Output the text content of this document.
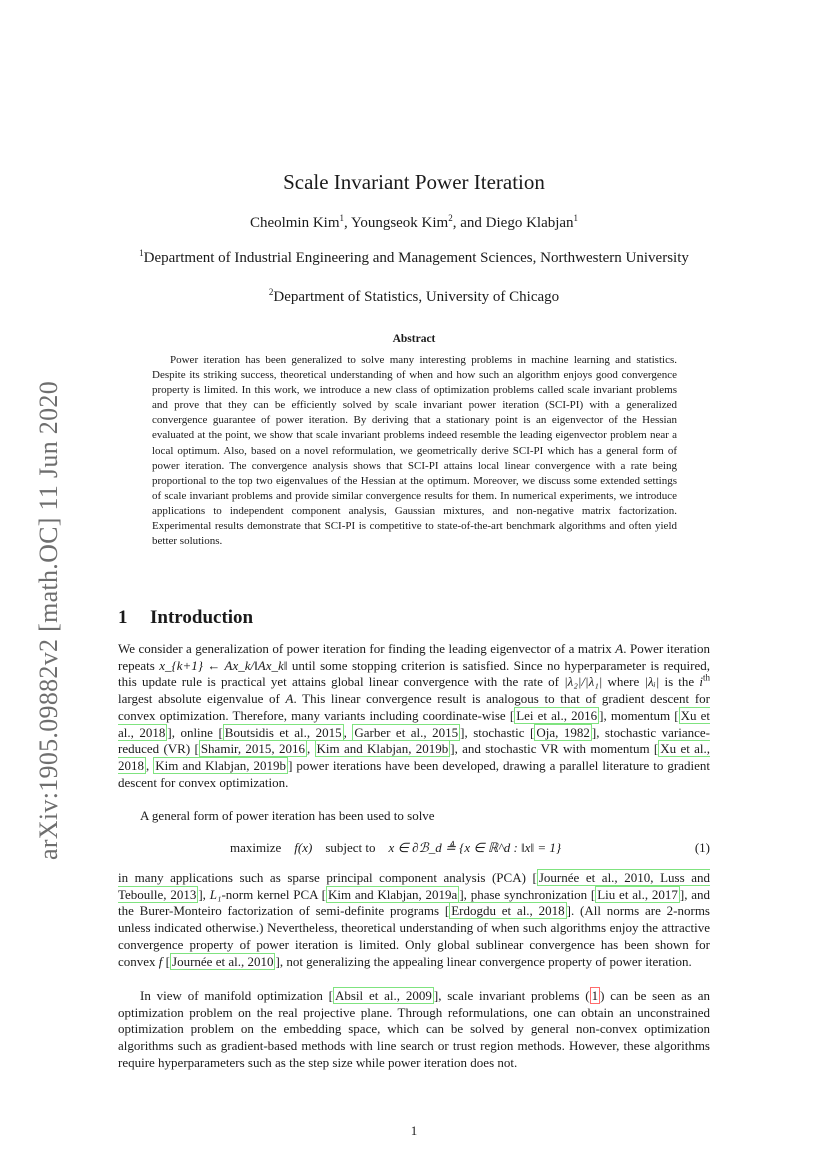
arXiv:1905.09882v2 [math.OC] 11 Jun 2020
Scale Invariant Power Iteration
Cheolmin Kim$^1$, Youngseok Kim$^2$, and Diego Klabjan$^1$
$^1$Department of Industrial Engineering and Management Sciences, Northwestern University
$^2$Department of Statistics, University of Chicago
Abstract
Power iteration has been generalized to solve many interesting problems in machine learning and statistics. Despite its striking success, theoretical understanding of when and how such an algorithm enjoys good convergence property is limited. In this work, we introduce a new class of optimization problems called scale invariant problems and prove that they can be efficiently solved by scale invariant power iteration (SCI-PI) with a generalized convergence guarantee of power iteration. By deriving that a stationary point is an eigenvector of the Hessian evaluated at the point, we show that scale invariant problems indeed resemble the leading eigenvector problem near a local optimum. Also, based on a novel reformulation, we geometrically derive SCI-PI which has a general form of power iteration. The convergence analysis shows that SCI-PI attains local linear convergence with a rate being proportional to the top two eigenvalues of the Hessian at the optimum. Moreover, we discuss some extended settings of scale invariant problems and provide similar convergence results for them. In numerical experiments, we introduce applications to independent component analysis, Gaussian mixtures, and non-negative matrix factorization. Experimental results demonstrate that SCI-PI is competitive to state-of-the-art benchmark algorithms and often yield better solutions.
1 Introduction
We consider a generalization of power iteration for finding the leading eigenvector of a matrix A. Power iteration repeats x_{k+1} ← Ax_k/‖Ax_k‖ until some stopping criterion is satisfied. Since no hyperparameter is required, this update rule is practical yet attains global linear convergence with the rate of |λ₂|/|λ₁| where |λᵢ| is the $i^{th}$ largest absolute eigenvalue of A. This linear convergence result is analogous to that of gradient descent for convex optimization. Therefore, many variants including coordinate-wise [ Lei et al., 2016 ], momentum [ Xu et al., 2018 ], online [ Boutsidis et al., 2015 , Garber et al., 2015 ], stochastic [ Oja, 1982 ], stochastic variance-reduced (VR) [ Shamir, 2015, 2016 , Kim and Klabjan, 2019b ], and stochastic VR with momentum [ Xu et al., 2018 , Kim and Klabjan, 2019b ] power iterations have been developed, drawing a parallel literature to gradient descent for convex optimization.
A general form of power iteration has been used to solve
maximize f(x) subject to x ∈ ∂ℬ_d ≜ {x ∈ ℝ^d : ‖x‖ = 1}	(1)
in many applications such as sparse principal component analysis (PCA) [ Journée et al., 2010, Luss and Teboulle, 2013 ], L₁-norm kernel PCA [ Kim and Klabjan, 2019a ], phase synchronization [ Liu et al., 2017 ], and the Burer-Monteiro factorization of semi-definite programs [ Erdogdu et al., 2018 ]. (All norms are 2-norms unless indicated otherwise.) Nevertheless, theoretical understanding of when such algorithms enjoy the attractive convergence property of power iteration is limited. Only global sublinear convergence has been shown for convex f [ Journée et al., 2010 ], not generalizing the appealing linear convergence property of power iteration.
In view of manifold optimization [ Absil et al., 2009 ], scale invariant problems ( 1 ) can be seen as an optimization problem on the real projective plane. Through reformulations, one can obtain an unconstrained optimization problem on the embedding space, which can be solved by general non-convex optimization algorithms such as gradient-based methods with line search or trust region methods. However, these algorithms require hyperparameters such as the step size while power iteration does not.
1
